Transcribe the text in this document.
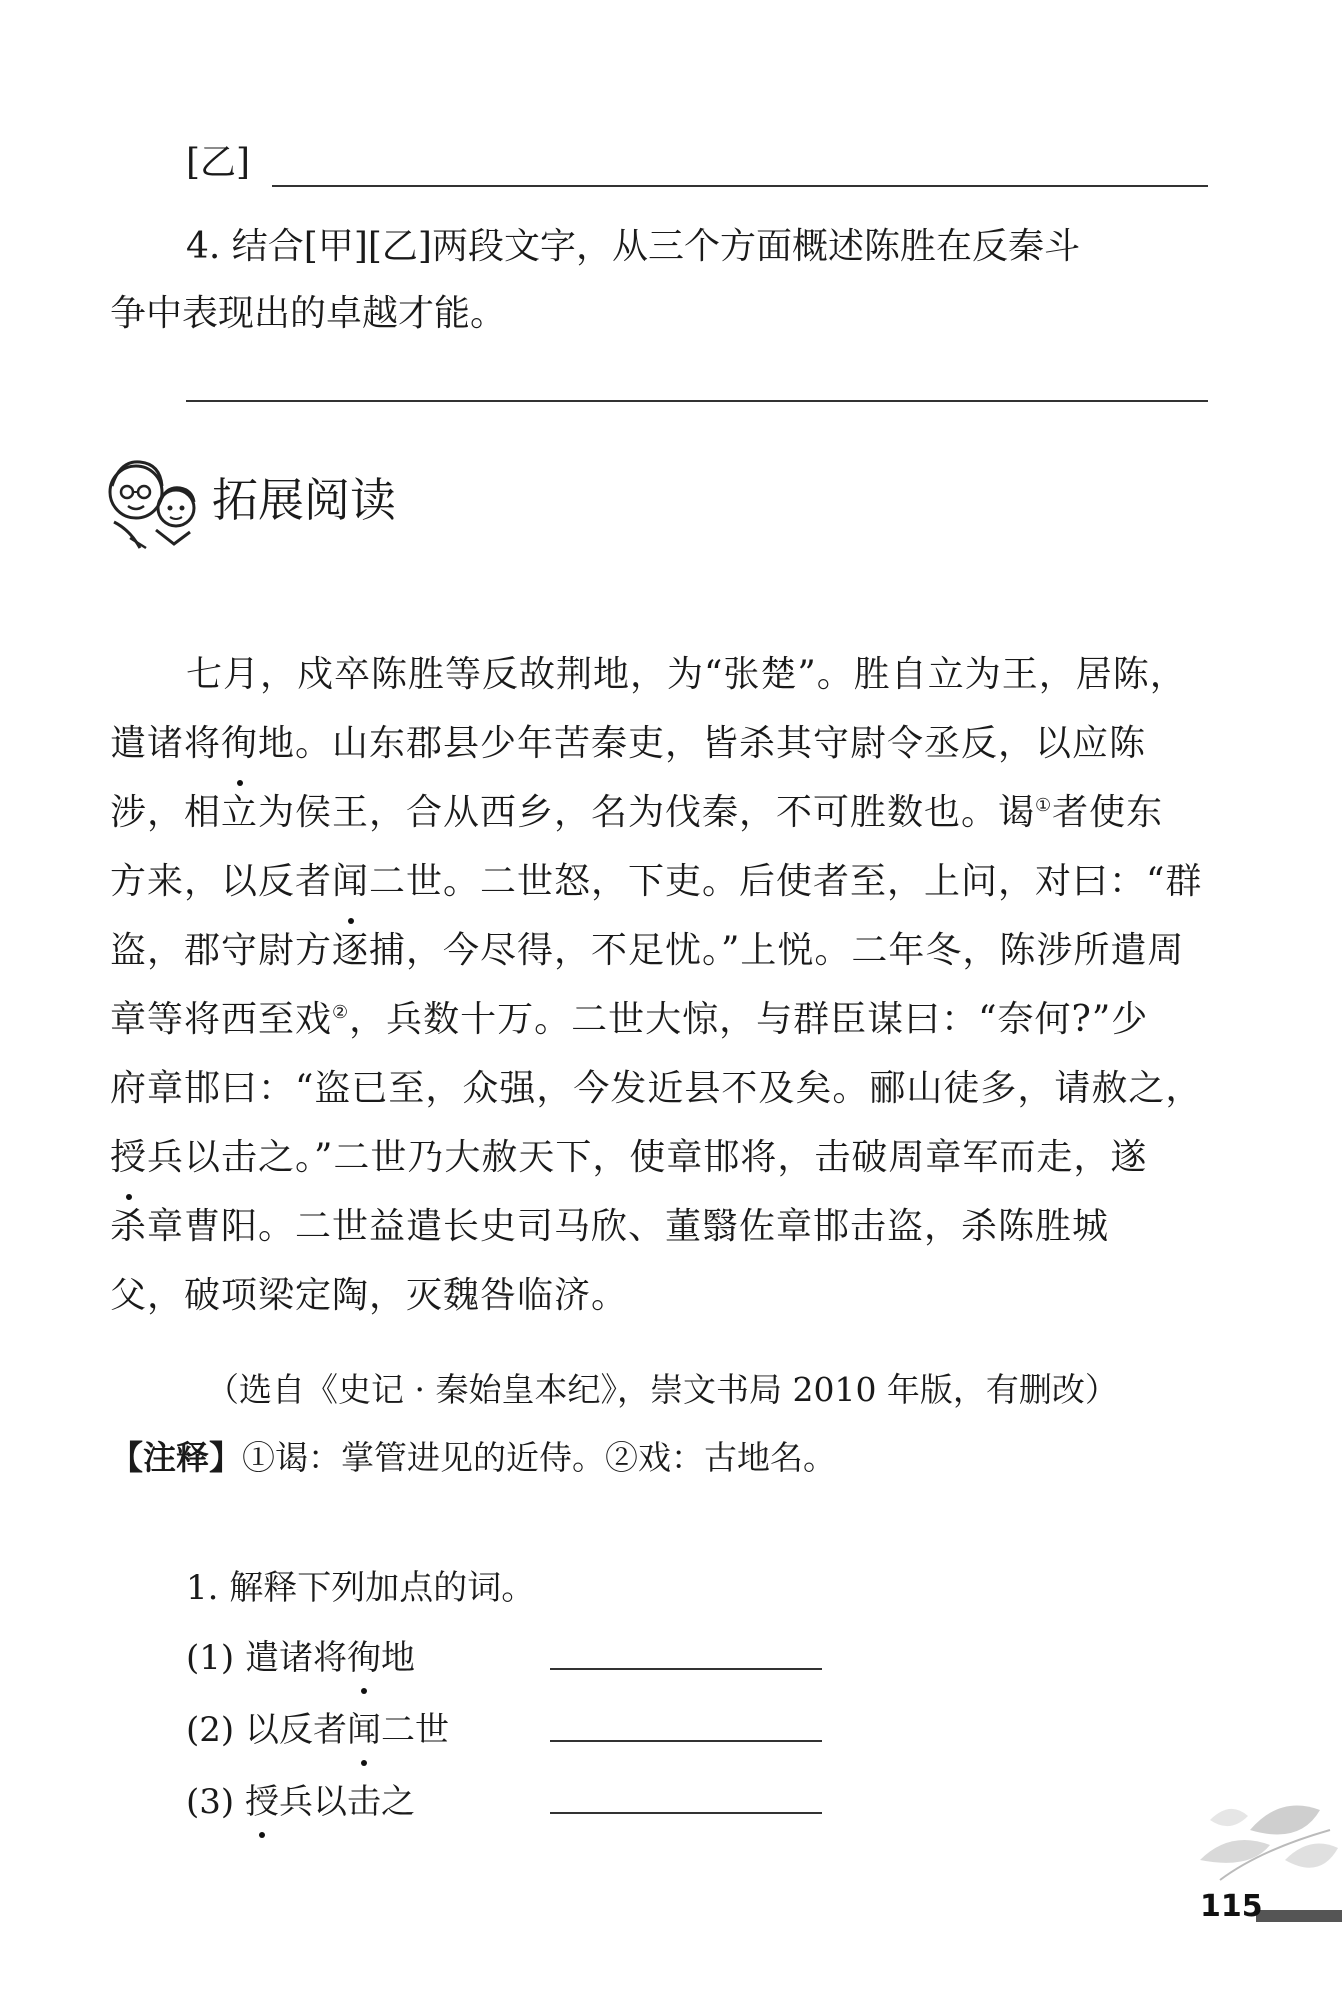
[乙]
4. 结合[甲][乙]两段文字，从三个方面概述陈胜在反秦斗
争中表现出的卓越才能。
拓展阅读
七月，戍卒陈胜等反故荆地，为“张楚”。胜自立为王，居陈，
遣诸将徇地。山东郡县少年苦秦吏，皆杀其守尉令丞反，以应陈
涉，相立为侯王，合从西乡，名为伐秦，不可胜数也。谒①者使东
方来，以反者闻二世。二世怒，下吏。后使者至，上问，对曰：“群
盗，郡守尉方逐捕，今尽得，不足忧。”上悦。二年冬，陈涉所遣周
章等将西至戏②，兵数十万。二世大惊，与群臣谋曰：“奈何?”少
府章邯曰：“盗已至，众强，今发近县不及矣。郦山徒多，请赦之，
授兵以击之。”二世乃大赦天下，使章邯将，击破周章军而走，遂
杀章曹阳。二世益遣长史司马欣、董翳佐章邯击盗，杀陈胜城
父，破项梁定陶，灭魏咎临济。
（选自《史记 · 秦始皇本纪》，崇文书局 2010 年版，有删改）
【注释】①谒：掌管进见的近侍。②戏：古地名。
1. 解释下列加点的词。
(1) 遣诸将徇地
(2) 以反者闻二世
(3) 授兵以击之
115
